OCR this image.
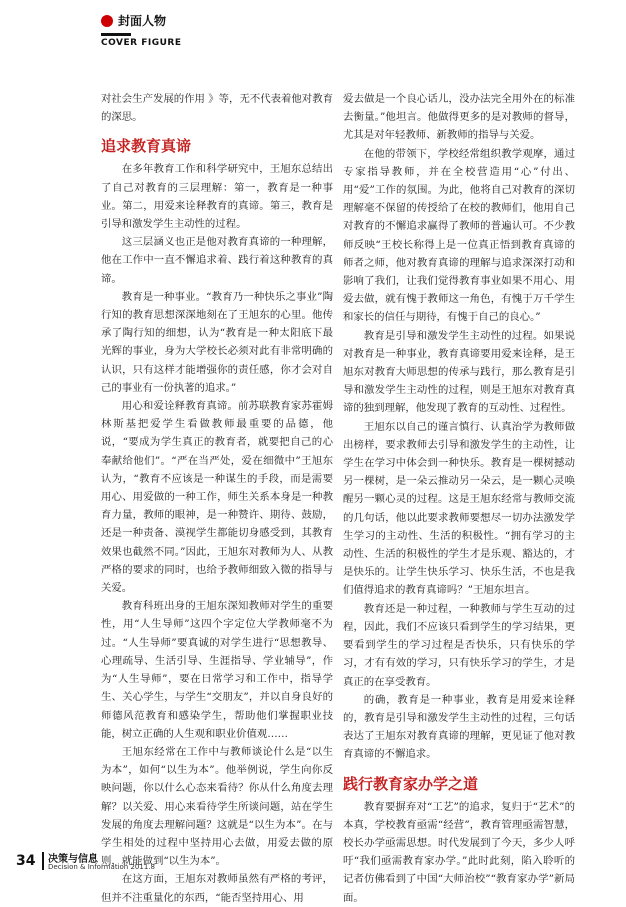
封面人物
COVER FIGURE

对社会生产发展的作用 》等，无不代表着他对教育的深思。

追求教育真谛

在多年教育工作和科学研究中，王旭东总结出了自己对教育的三层理解：第一，教育是一种事业。第二，用爱来诠释教育的真谛。第三，教育是引导和激发学生主动性的过程。

这三层涵义也正是他对教育真谛的一种理解，他在工作中一直不懈追求着、践行着这种教育的真谛。

教育是一种事业。“教育乃一种快乐之事业”陶行知的教育思想深深地刻在了王旭东的心里。他传承了陶行知的细想，认为“教育是一种太阳底下最光辉的事业，身为大学校长必须对此有非常明确的认识，只有这样才能增强你的责任感，你才会对自己的事业有一份执著的追求。”

用心和爱诠释教育真谛。前苏联教育家苏霍姆林斯基把爱学生看做教师最重要的品德，他说，“要成为学生真正的教育者，就要把自己的心奉献给他们”。“严在当严处，爱在细微中”王旭东认为，“教育不应该是一种谋生的手段，而是需要用心、用爱做的一种工作，师生关系本身是一种教育力量，教师的眼神，是一种赞许、期待、鼓励，还是一种责备、漠视学生都能切身感受到，其教育效果也截然不同。”因此，王旭东对教师为人、从教严格的要求的同时，也给予教师细致入微的指导与关爱。

教育科班出身的王旭东深知教师对学生的重要性，用“人生导师”这四个字定位大学教师毫不为过。“人生导师”要真诚的对学生进行“思想教导、心理疏导、生活引导、生涯指导、学业辅导”，作为“人生导师”，要在日常学习和工作中，指导学生、关心学生，与学生“交朋友”，并以自身良好的师德风范教育和感染学生，帮助他们掌握职业技能，树立正确的人生观和职业价值观……

王旭东经常在工作中与教师谈论什么是“以生为本”，如何“以生为本”。他举例说，学生向你反映问题，你以什么心态来看待？你从什么角度去理解？以关爱、用心来看待学生所谈问题，站在学生发展的角度去理解问题？这就是“以生为本”。在与学生相处的过程中坚持用心去做，用爱去做的原则，就能做到“以生为本”。

在这方面，王旭东对教师虽然有严格的考评，但并不注重量化的东西，“能否坚持用心、用

爱去做是一个良心话儿，没办法完全用外在的标准去衡量。”他坦言。他做得更多的是对教师的督导，尤其是对年轻教师、新教师的指导与关爱。

在他的带领下，学校经常组织教学观摩，通过专家指导教师，并在全校营造用“心”付出、用“爱”工作的氛围。为此，他将自己对教育的深切理解毫不保留的传授给了在校的教师们，他用自己对教育的不懈追求赢得了教师的普遍认可。不少教师反映“王校长称得上是一位真正悟到教育真谛的师者之师，他对教育真谛的理解与追求深深打动和影响了我们，让我们觉得教育事业如果不用心、用爱去做，就有愧于教师这一角色，有愧于万千学生和家长的信任与期待，有愧于自己的良心。”

教育是引导和激发学生主动性的过程。如果说对教育是一种事业，教育真谛要用爱来诠释，是王旭东对教育大师思想的传承与践行，那么教育是引导和激发学生主动性的过程，则是王旭东对教育真谛的独到理解，他发现了教育的互动性、过程性。

王旭东以自己的谨言慎行、认真治学为教师做出榜样，要求教师去引导和激发学生的主动性，让学生在学习中体会到一种快乐。教育是一棵树撼动另一棵树，是一朵云推动另一朵云，是一颗心灵唤醒另一颗心灵的过程。这是王旭东经常与教师交流的几句话，他以此要求教师要想尽一切办法激发学生学习的主动性、生活的积极性。“拥有学习的主动性、生活的积极性的学生才是乐观、豁达的，才是快乐的。让学生快乐学习、快乐生活，不也是我们值得追求的教育真谛吗？”王旭东坦言。

教育还是一种过程，一种教师与学生互动的过程，因此，我们不应该只看到学生的学习结果，更要看到学生的学习过程是否快乐，只有快乐的学习，才有有效的学习，只有快乐学习的学生，才是真正的在享受教育。

的确，教育是一种事业，教育是用爱来诠释的，教育是引导和激发学生主动性的过程，三句话表达了王旭东对教育真谛的理解，更见证了他对教育真谛的不懈追求。

践行教育家办学之道

教育要摒弃对“工艺”的追求，复归于“艺术”的本真，学校教育亟需“经营”，教育管理亟需智慧，校长办学亟需思想。时代发展到了今天，多少人呼吁“我们亟需教育家办学。”此时此刻，陷入聆听的记者仿佛看到了中国“大师治校”“教育家办学”新局面。

34 决策与信息
Decision & Information 2011.8
